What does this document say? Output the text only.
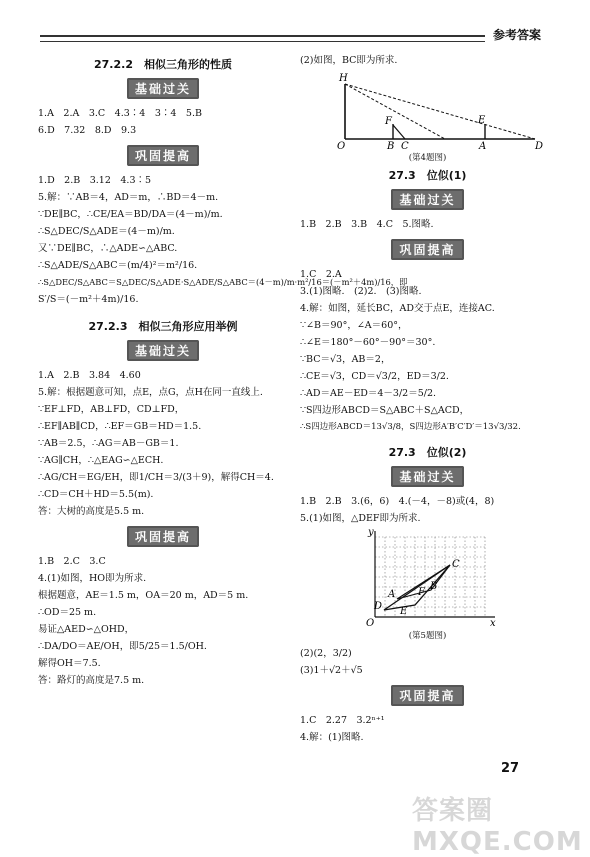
参考答案
27.2.2　相似三角形的性质
基础过关
1.A　2.A　3.C　4.3∶4　3∶4　5.B
6.D　7.32　8.D　9.3
巩固提高
1.D　2.B　3.12　4.3∶5
5.解：∵AB＝4，AD＝m，∴BD＝4－m.
∵DE∥BC，∴CE/EA＝BD/DA＝(4－m)/m.
∴S△DEC/S△ADE＝(4－m)/m.
又∵DE∥BC，∴△ADE∽△ABC.
∴S△ADE/S△ABC＝(m/4)²＝m²/16.
∴S△DEC/S△ABC＝S△DEC/S△ADE·S△ADE/S△ABC＝(4－m)/m·m²/16＝(－m²＋4m)/16，即
S′/S＝(－m²＋4m)/16.
27.2.3　相似三角形应用举例
基础过关
1.A　2.B　3.84　4.60
5.解：根据题意可知，点E，点G，点H在同一直线上.
∵EF⊥FD，AB⊥FD，CD⊥FD，
∴EF∥AB∥CD，∴EF＝GB＝HD＝1.5.
∵AB＝2.5，∴AG＝AB－GB＝1.
∵AG∥CH，∴△EAG∽△ECH.
∴AG/CH＝EG/EH，即1/CH＝3/(3＋9)，解得CH＝4.
∴CD＝CH＋HD＝5.5(m).
答：大树的高度是5.5 m.
巩固提高
1.B　2.C　3.C
4.(1)如图，HO即为所求.
根据题意，AE＝1.5 m，OA＝20 m，AD＝5 m.
∴OD＝25 m.
易证△AED∽△OHD，
∴DA/DO＝AE/OH，即5/25＝1.5/OH.
解得OH＝7.5.
答：路灯的高度是7.5 m.
(2)如图，BC即为所求.
H
O	B C
F
A
E
D
(第4题图)
27.3　位似(1)
基础过关
1.B　2.B　3.B　4.C　5.图略.
巩固提高
1.C　2.A
3.(1)图略.　(2)2.　(3)图略.
4.解：如图，延长BC，AD交于点E，连接AC.
∵∠B＝90°，∠A＝60°，
∴∠E＝180°－60°－90°＝30°.
∵BC＝√3，AB＝2，
∴CE＝√3，CD＝√3/2，ED＝3/2.
∴AD＝AE－ED＝4－3/2＝5/2.
∵S四边形ABCD＝S△ABC＋S△ACD，
∴S四边形ABCD＝13√3/8，S四边形A′B′C′D′＝13√3/32.
27.3　位似(2)
基础过关
1.B　2.B　3.(6，6)　4.(－4，－8)或(4，8)
5.(1)如图，△DEF即为所求.
y
x
O
A
B
C
D E
F
(第5题图)
(2)(2，3/2)
(3)1＋√2＋√5
巩固提高
1.C　2.27　3.2ⁿ⁺¹
4.解：(1)图略.
27
答案圈 MXQE.COM
